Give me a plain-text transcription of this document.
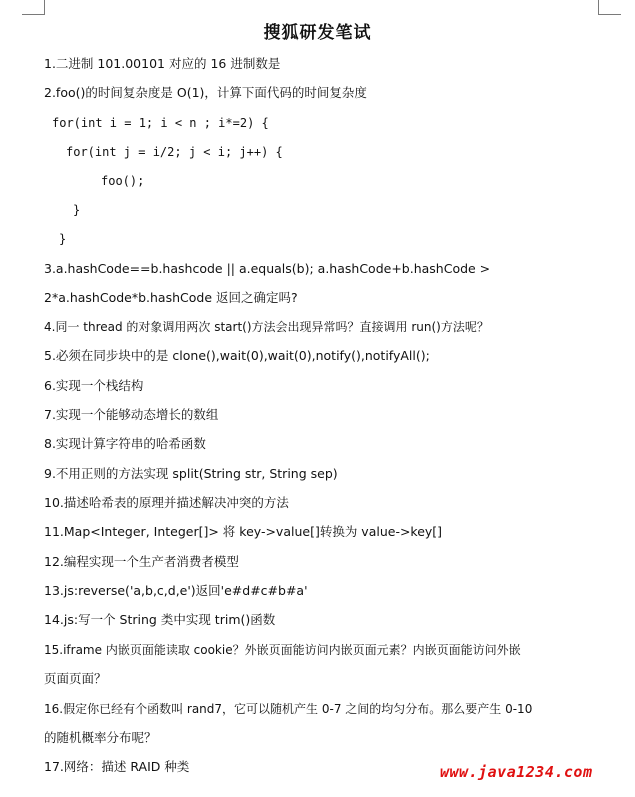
搜狐研发笔试
1.二进制 101.00101 对应的 16 进制数是
2.foo()的时间复杂度是 O(1)，计算下面代码的时间复杂度
for(int i = 1; i < n ; i*=2) {
for(int j = i/2; j < i; j++) {
foo();
}
}
3.a.hashCode==b.hashcode || a.equals(b); a.hashCode+b.hashCode >
2*a.hashCode*b.hashCode 返回之确定吗?
4.同一 thread 的对象调用两次 start()方法会出现异常吗？直接调用 run()方法呢？
5.必须在同步块中的是 clone(),wait(0),wait(0),notify(),notifyAll();
6.实现一个栈结构
7.实现一个能够动态增长的数组
8.实现计算字符串的哈希函数
9.不用正则的方法实现 split(String str, String sep)
10.描述哈希表的原理并描述解决冲突的方法
11.Map<Integer, Integer[]> 将 key->value[]转换为 value->key[]
12.编程实现一个生产者消费者模型
13.js:reverse('a,b,c,d,e')返回'e#d#c#b#a'
14.js:写一个 String 类中实现 trim()函数
15.iframe 内嵌页面能读取 cookie？外嵌页面能访问内嵌页面元素？内嵌页面能访问外嵌
页面页面？
16.假定你已经有个函数叫 rand7，它可以随机产生 0-7 之间的均匀分布。那么要产生 0-10
的随机概率分布呢？
17.网络：描述 RAID 种类	www.java1234.com
